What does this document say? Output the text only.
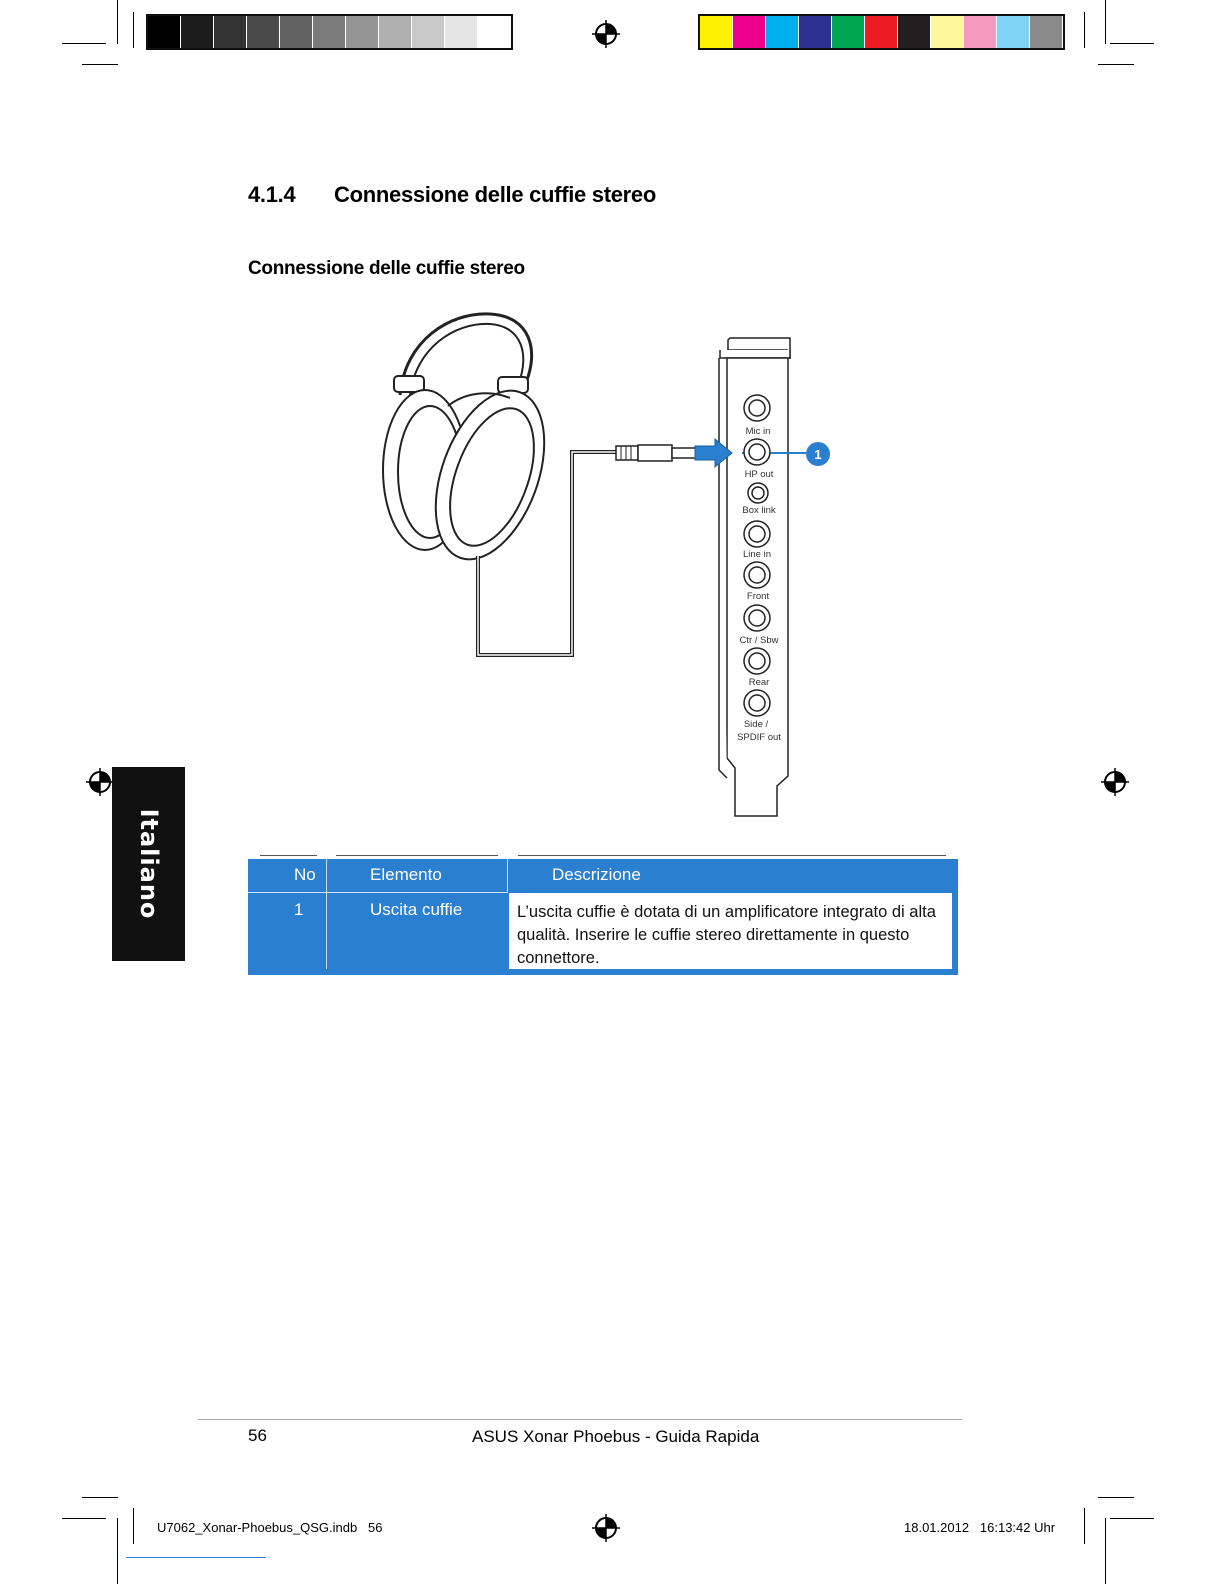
4.1.4 Connessione delle cuffie stereo
Connessione delle cuffie stereo
Italiano
1
Mic in
HP out
Box link
Line in
Front
Ctr / Sbw
Rear
Side /
SPDIF out
No	Elemento	Descrizione
1	Uscita cuffie	L’uscita cuffie è dotata di un amplificatore integrato di alta
qualità. Inserire le cuffie stereo direttamente in questo
connettore.
56	ASUS Xonar Phoebus - Guida Rapida
U7062_Xonar-Phoebus_QSG.indb   56	18.01.2012   16:13:42 Uhr
